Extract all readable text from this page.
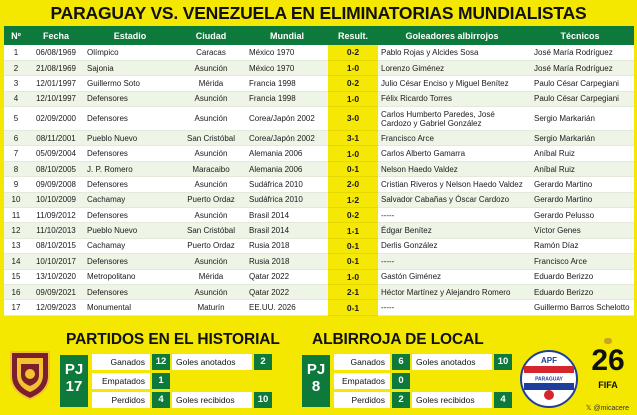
PARAGUAY VS. VENEZUELA EN ELIMINATORIAS MUNDIALISTAS
Nº	Fecha	Estadio	Ciudad	Mundial	Result.	Goleadores albirrojos	Técnicos
1	06/08/1969	Olímpico	Caracas	México 1970	0-2	Pablo Rojas y Alcides Sosa	José María Rodríguez
2	21/08/1969	Sajonia	Asunción	México 1970	1-0	Lorenzo Giménez	José María Rodríguez
3	12/01/1997	Guillermo Soto	Mérida	Francia 1998	0-2	Julio César Enciso y Miguel Benítez	Paulo César Carpegiani
4	12/10/1997	Defensores	Asunción	Francia 1998	1-0	Félix Ricardo Torres	Paulo César Carpegiani
5	02/09/2000	Defensores	Asunción	Corea/Japón 2002	3-0	Carlos Humberto Paredes, José Cardozo y Gabriel González	Sergio Markarián
6	08/11/2001	Pueblo Nuevo	San Cristóbal	Corea/Japón 2002	3-1	Francisco Arce	Sergio Markarián
7	05/09/2004	Defensores	Asunción	Alemania 2006	1-0	Carlos Alberto Gamarra	Aníbal Ruiz
8	08/10/2005	J. P. Romero	Maracaibo	Alemania 2006	0-1	Nelson Haedo Valdez	Aníbal Ruiz
9	09/09/2008	Defensores	Asunción	Sudáfrica 2010	2-0	Cristian Riveros y Nelson Haedo Valdez	Gerardo Martino
10	10/10/2009	Cachamay	Puerto Ordaz	Sudáfrica 2010	1-2	Salvador Cabañas y Óscar Cardozo	Gerardo Martino
11	11/09/2012	Defensores	Asunción	Brasil 2014	0-2	-----	Gerardo Pelusso
12	11/10/2013	Pueblo Nuevo	San Cristóbal	Brasil 2014	1-1	Édgar Benítez	Víctor Genes
13	08/10/2015	Cachamay	Puerto Ordaz	Rusia 2018	0-1	Derlis González	Ramón Díaz
14	10/10/2017	Defensores	Asunción	Rusia 2018	0-1	-----	Francisco Arce
15	13/10/2020	Metropolitano	Mérida	Qatar 2022	1-0	Gastón Giménez	Eduardo Berizzo
16	09/09/2021	Defensores	Asunción	Qatar 2022	2-1	Héctor Martínez y Alejandro Romero	Eduardo Berizzo
17	12/09/2023	Monumental	Maturín	EE.UU. 2026	0-1	-----	Guillermo Barros Schelotto
PARTIDOS EN EL HISTORIAL
PJ
17
Ganados	12	Goles anotados	2
Empatados	1
Perdidos	4	Goles recibidos	10
ALBIRROJA DE LOCAL
PJ
8
Ganados	6	Goles anotados	10
Empatados	0
Perdidos	2	Goles recibidos	4
APF
PARAGUAY
26
FIFA
𝕏 @micacere
